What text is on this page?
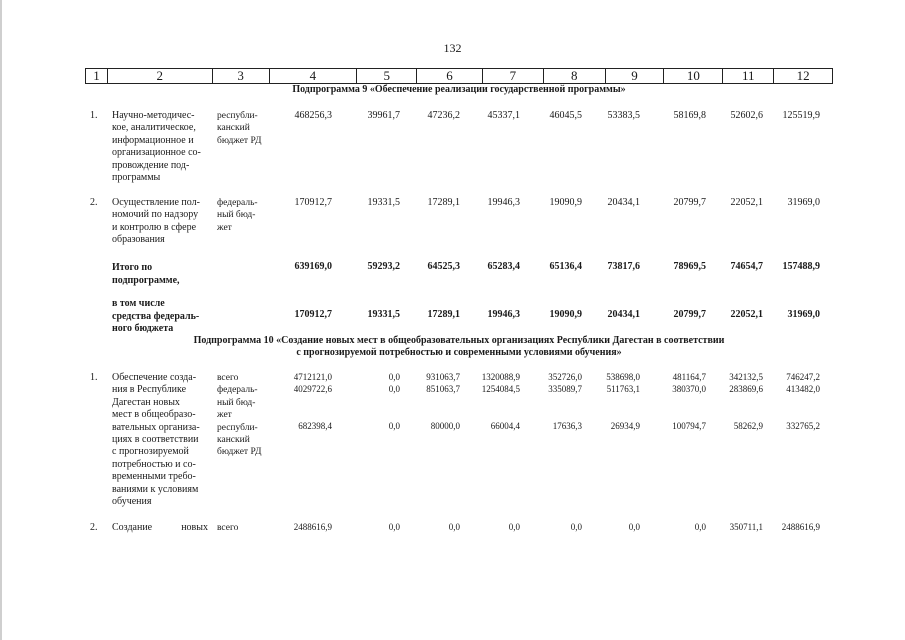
132
1	2	3	4	5	6	7	8	9	10	11	12
Подпрограмма 9 «Обеспечение реализации государственной программы»
1. Научно-методичес-
кое, аналитическое,
информационное и
организационное со-
провождение под-
программы
республи-
канский
бюджет РД
468256,3	39961,7	47236,2	45337,1	46045,5	53383,5	58169,8 52602,6 125519,9
2. Осуществление пол-
номочий по надзору
и контролю в сфере
образования
федераль-
ный бюд-
жет
170912,7	19331,5	17289,1	19946,3	19090,9	20434,1	20799,7 22052,1 31969,0
Итого по
подпрограмме,
639169,0	59293,2	64525,3	65283,4	65136,4	73817,6	78969,5 74654,7 157488,9
в том числе
средства федераль-
ного бюджета
170912,7	19331,5	17289,1	19946,3	19090,9	20434,1	20799,7 22052,1 31969,0
Подпрограмма 10 «Создание новых мест в общеобразовательных организациях Республики Дагестан в соответствии
с прогнозируемой потребностью и современными условиями обучения»
1. Обеспечение созда-
ния в Республике
Дагестан новых
мест в общеобразо-
вательных организа-
циях в соответствии
с прогнозируемой
потребностью и со-
временными требо-
ваниями к условиям
обучения
всего
федераль-
ный бюд-
жет
республи-
канский
бюджет РД
4712121,0	0,0	931063,7 1320088,9	352726,0	538698,0	481164,7	342132,5	746247,2
4029722,6	0,0	851063,7 1254084,5	335089,7	511763,1	380370,0	283869,6	413482,0
682398,4	0,0	80000,0	66004,4	17636,3	26934,9	100794,7	58262,9	332765,2
2. Создание новых всего	2488616,9	0,0	0,0	0,0	0,0	0,0	0,0	350711,1 2488616,9
